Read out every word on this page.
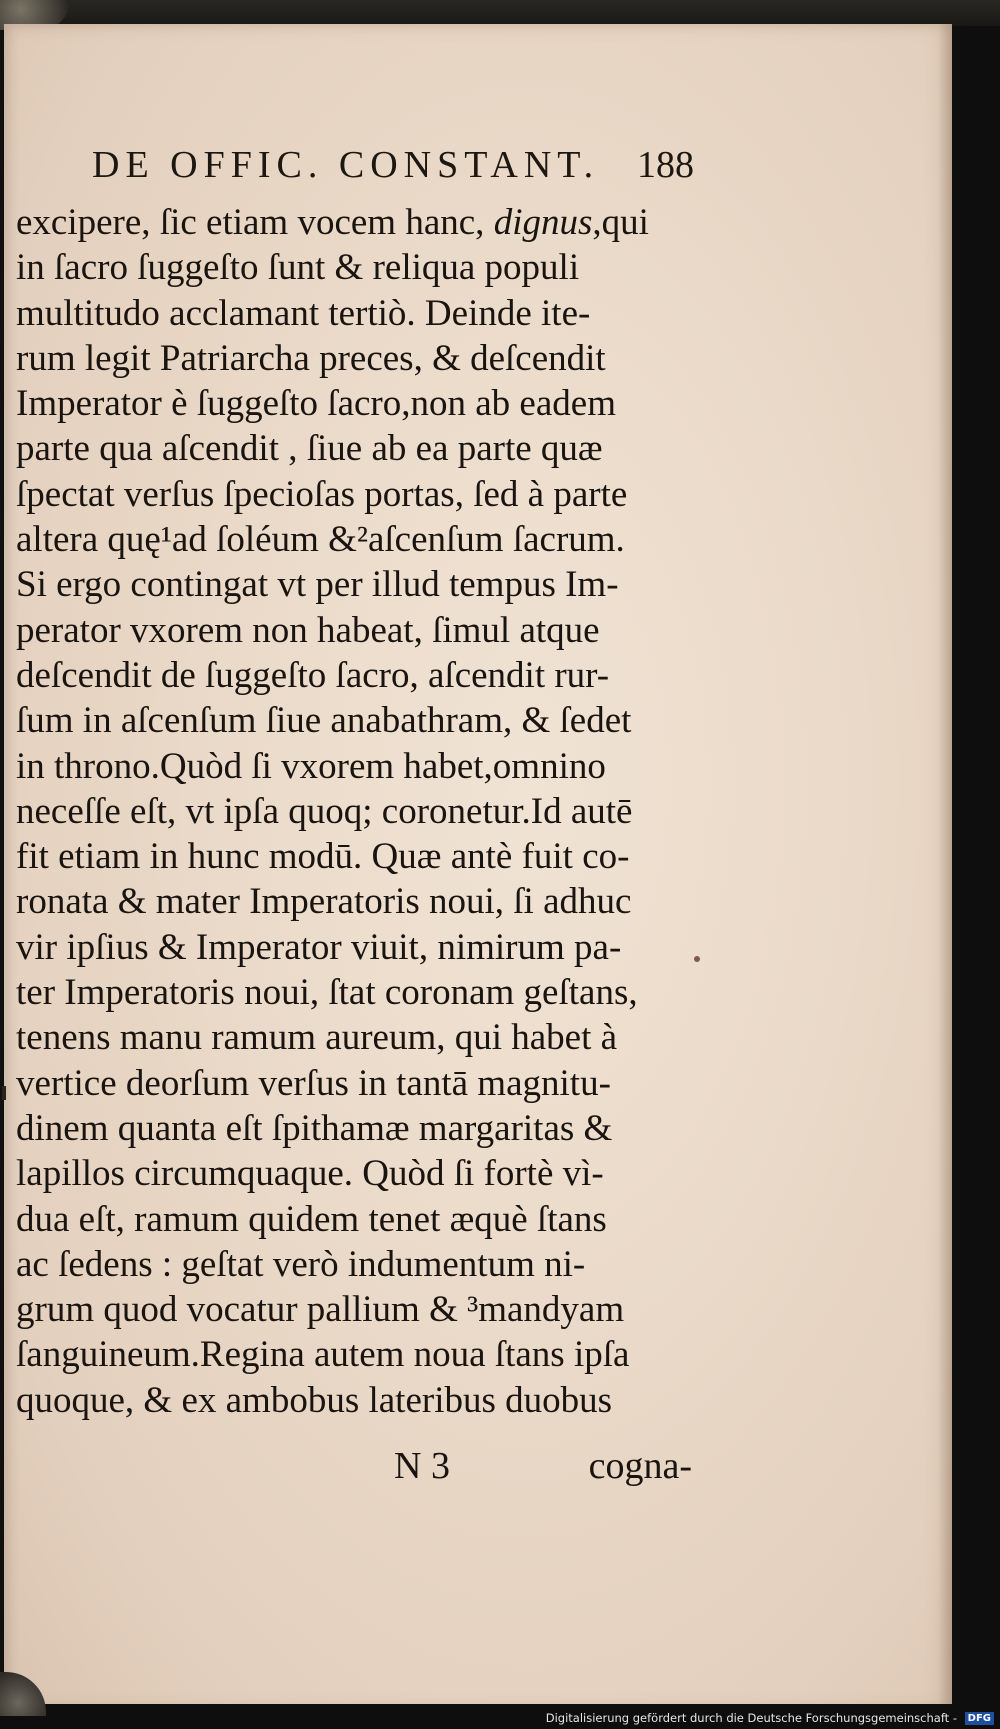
DE OFFIC. CONSTANT. 188
excipere, ſic etiam vocem hanc, dignus,qui
in ſacro ſuggeſto ſunt & reliqua populi
multitudo acclamant tertiò. Deinde ite-
rum legit Patriarcha preces, & deſcendit
Imperator è ſuggeſto ſacro,non ab eadem
parte qua aſcendit , ſiue ab ea parte quæ
ſpectat verſus ſpecioſas portas, ſed à parte
altera quę¹ad ſoléum &²aſcenſum ſacrum.
Si ergo contingat vt per illud tempus Im-
perator vxorem non habeat, ſimul atque
deſcendit de ſuggeſto ſacro, aſcendit rur-
ſum in aſcenſum ſiue anabathram, & ſedet
in throno.Quòd ſi vxorem habet,omnino
neceſſe eſt, vt ipſa quoq; coronetur.Id autē
fit etiam in hunc modū. Quæ antè fuit co-
ronata & mater Imperatoris noui, ſi adhuc
vir ipſius & Imperator viuit, nimirum pa-
ter Imperatoris noui, ſtat coronam geſtans,
tenens manu ramum aureum, qui habet à
vertice deorſum verſus in tantā magnitu-
dinem quanta eſt ſpithamæ margaritas &
lapillos circumquaque. Quòd ſi fortè vì-
dua eſt, ramum quidem tenet æquè ſtans
ac ſedens : geſtat verò indumentum ni-
grum quod vocatur pallium & ³mandyam
ſanguineum.Regina autem noua ſtans ipſa
quoque, & ex ambobus lateribus duobus
N 3	cogna-
Digitalisierung gefördert durch die Deutsche Forschungsgemeinschaft - DFG
